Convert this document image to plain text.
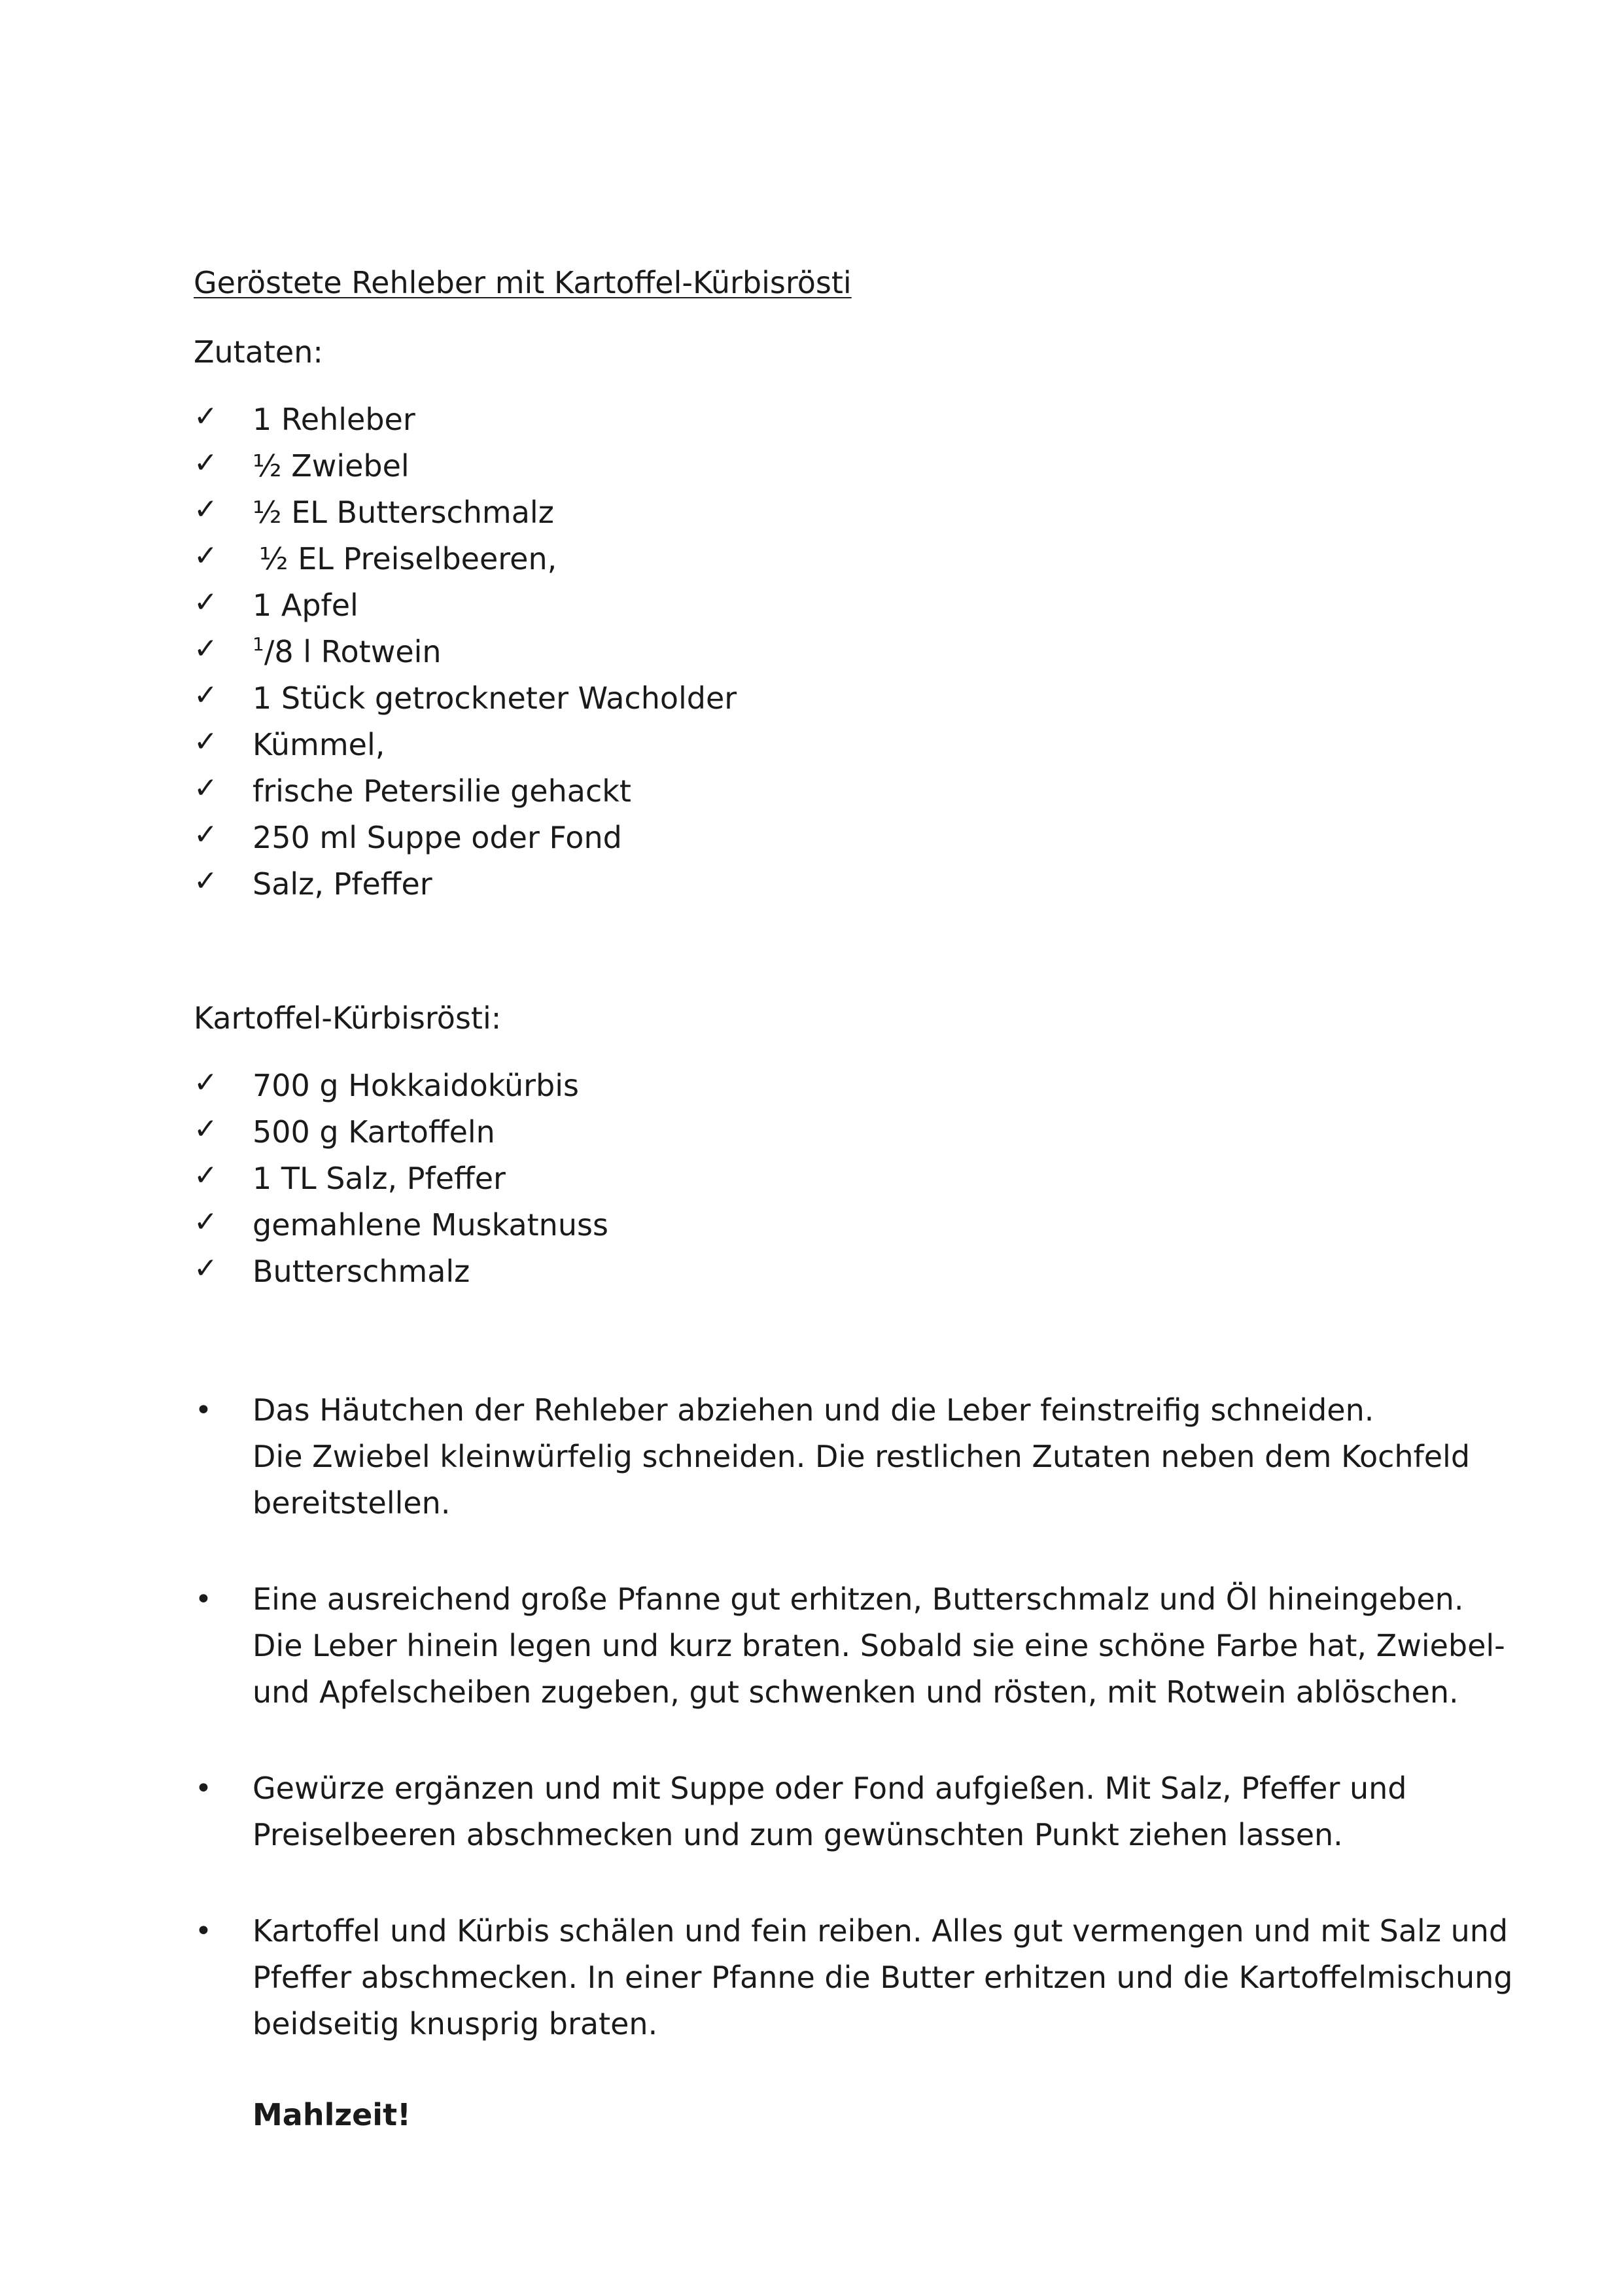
Geröstete Rehleber mit Kartoffel-Kürbisrösti
Zutaten:
✓ 1 Rehleber
✓ ½ Zwiebel
✓ ½ EL Butterschmalz
✓ ½ EL Preiselbeeren,
✓ 1 Apfel
✓ $^1$/8 l Rotwein
✓ 1 Stück getrockneter Wacholder
✓ Kümmel,
✓ frische Petersilie gehackt
✓ 250 ml Suppe oder Fond
✓ Salz, Pfeffer
Kartoffel-Kürbisrösti:
✓ 700 g Hokkaidokürbis
✓ 500 g Kartoffeln
✓ 1 TL Salz, Pfeffer
✓ gemahlene Muskatnuss
✓ Butterschmalz
• Das Häutchen der Rehleber abziehen und die Leber feinstreifig schneiden.
Die Zwiebel kleinwürfelig schneiden. Die restlichen Zutaten neben dem Kochfeld
bereitstellen.
• Eine ausreichend große Pfanne gut erhitzen, Butterschmalz und Öl hineingeben.
Die Leber hinein legen und kurz braten. Sobald sie eine schöne Farbe hat, Zwiebel-
und Apfelscheiben zugeben, gut schwenken und rösten, mit Rotwein ablöschen.
• Gewürze ergänzen und mit Suppe oder Fond aufgießen. Mit Salz, Pfeffer und
Preiselbeeren abschmecken und zum gewünschten Punkt ziehen lassen.
• Kartoffel und Kürbis schälen und fein reiben. Alles gut vermengen und mit Salz und
Pfeffer abschmecken. In einer Pfanne die Butter erhitzen und die Kartoffelmischung
beidseitig knusprig braten.
Mahlzeit!
